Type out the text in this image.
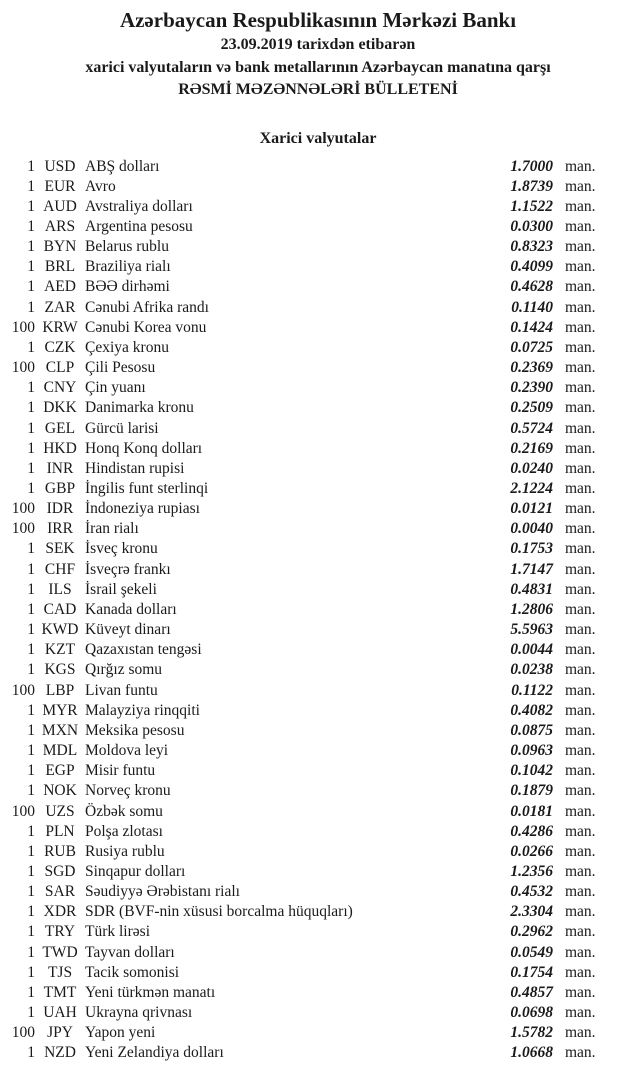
Azərbaycan Respublikasının Mərkəzi Bankı
23.09.2019 tarixdən etibarən
xarici valyutaların və bank metallarının Azərbaycan manatına qarşı
RƏSMİ MƏZƏNNƏLƏRİ BÜLLETENİ
Xarici valyutalar
1 USD ABŞ dolları	1.7000 man.
1 EUR Avro	1.8739 man.
1 AUD Avstraliya dolları	1.1522 man.
1 ARS Argentina pesosu	0.0300 man.
1 BYN Belarus rublu	0.8323 man.
1 BRL Braziliya rialı	0.4099 man.
1 AED BƏƏ dirhəmi	0.4628 man.
1 ZAR Cənubi Afrika randı	0.1140 man.
100 KRW Cənubi Korea vonu	0.1424 man.
1 CZK Çexiya kronu	0.0725 man.
100 CLP Çili Pesosu	0.2369 man.
1 CNY Çin yuanı	0.2390 man.
1 DKK Danimarka kronu	0.2509 man.
1 GEL Gürcü larisi	0.5724 man.
1 HKD Honq Konq dolları	0.2169 man.
1 INR Hindistan rupisi	0.0240 man.
1 GBP İngilis funt sterlinqi	2.1224 man.
100 IDR İndoneziya rupiası	0.0121 man.
100 IRR İran rialı	0.0040 man.
1 SEK İsveç kronu	0.1753 man.
1 CHF İsveçrə frankı	1.7147 man.
1 ILS İsrail şekeli	0.4831 man.
1 CAD Kanada dolları	1.2806 man.
1 KWD Küveyt dinarı	5.5963 man.
1 KZT Qazaxıstan tengəsi	0.0044 man.
1 KGS Qırğız somu	0.0238 man.
100 LBP Livan funtu	0.1122 man.
1 MYR Malayziya rinqqiti	0.4082 man.
1 MXN Meksika pesosu	0.0875 man.
1 MDL Moldova leyi	0.0963 man.
1 EGP Misir funtu	0.1042 man.
1 NOK Norveç kronu	0.1879 man.
100 UZS Özbək somu	0.0181 man.
1 PLN Polşa zlotası	0.4286 man.
1 RUB Rusiya rublu	0.0266 man.
1 SGD Sinqapur dolları	1.2356 man.
1 SAR Səudiyyə Ərəbistanı rialı	0.4532 man.
1 XDR SDR (BVF-nin xüsusi borcalma hüquqları)	2.3304 man.
1 TRY Türk lirəsi	0.2962 man.
1 TWD Tayvan dolları	0.0549 man.
1 TJS Tacik somonisi	0.1754 man.
1 TMT Yeni türkmən manatı	0.4857 man.
1 UAH Ukrayna qrivnası	0.0698 man.
100 JPY Yapon yeni	1.5782 man.
1 NZD Yeni Zelandiya dolları	1.0668 man.
